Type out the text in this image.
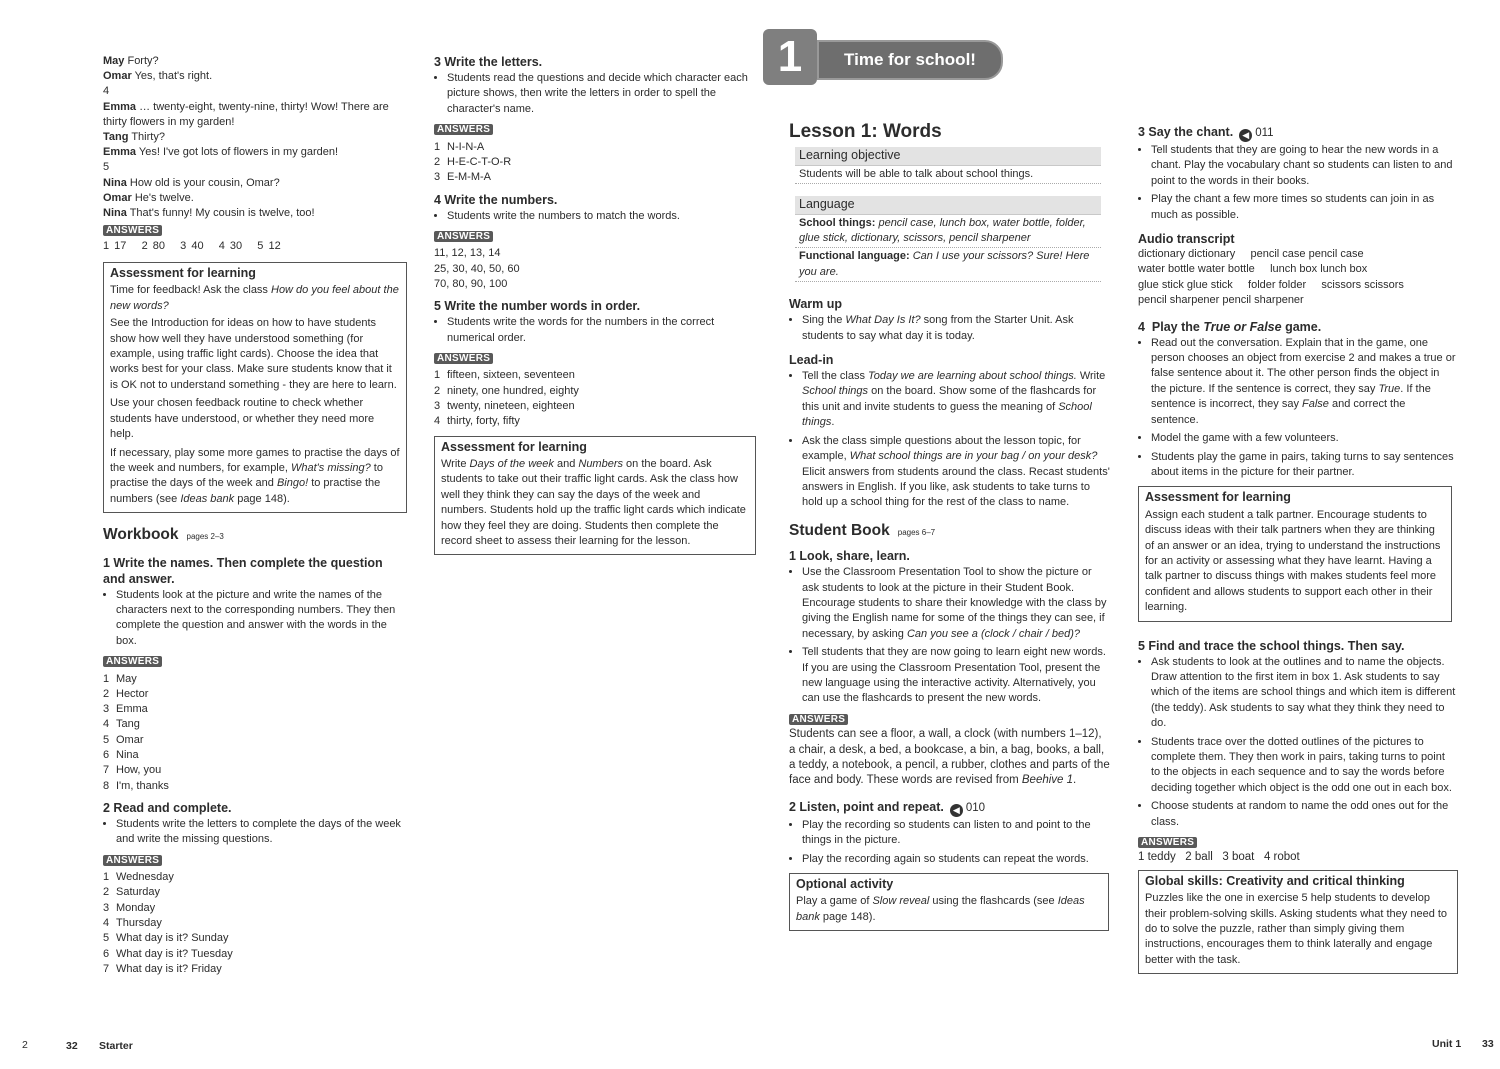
May Forty?

Omar Yes, that's right.

4

Emma … twenty-eight, twenty-nine, thirty! Wow! There are thirty flowers in my garden!

Tang Thirty?

Emma Yes! I've got lots of flowers in my garden!

5

Nina How old is your cousin, Omar?

Omar He's twelve.

Nina That's funny! My cousin is twelve, too!

ANSWERS

1 17   2 80   3 40   4 30   5 12

Assessment for learning

Time for feedback! Ask the class How do you feel about the new words?

See the Introduction for ideas on how to have students show how well they have understood something (for example, using traffic light cards). Choose the idea that works best for your class. Make sure students know that it is OK not to understand something - they are here to learn.

Use your chosen feedback routine to check whether students have understood, or whether they need more help.

If necessary, play some more games to practise the days of the week and numbers, for example, What's missing? to practise the days of the week and Bingo! to practise the numbers (see Ideas bank page 148).

Workbook pages 2–3
1 Write the names. Then complete the question and answer.
• Students look at the picture and write the names of the characters next to the corresponding numbers. They then complete the question and answer with the words in the box.
ANSWERS
1 May
2 Hector
3 Emma
4 Tang
5 Omar
6 Nina
7 How, you
8 I'm, thanks
2 Read and complete.
• Students write the letters to complete the days of the week and write the missing questions.
ANSWERS
1 Wednesday
2 Saturday
3 Monday
4 Thursday
5 What day is it? Sunday
6 What day is it? Tuesday
7 What day is it? Friday
3 Write the letters.
• Students read the questions and decide which character each picture shows, then write the letters in order to spell the character's name.
ANSWERS
1 N-I-N-A
2 H-E-C-T-O-R
3 E-M-M-A
4 Write the numbers.
• Students write the numbers to match the words.
ANSWERS
11, 12, 13, 14
25, 30, 40, 50, 60
70, 80, 90, 100
5 Write the number words in order.
• Students write the words for the numbers in the correct numerical order.
ANSWERS
1 fifteen, sixteen, seventeen
2 ninety, one hundred, eighty
3 twenty, nineteen, eighteen
4 thirty, forty, fifty
Assessment for learning

Write Days of the week and Numbers on the board. Ask students to take out their traffic light cards. Ask the class how well they think they can say the days of the week and numbers. Students hold up the traffic light cards which indicate how they feel they are doing. Students then complete the record sheet to assess their learning for the lesson.

1	Time for school!
Lesson 1: Words
Learning objective

Students will be able to talk about school things.

Language

School things: pencil case, lunch box, water bottle, folder, glue stick, dictionary, scissors, pencil sharpener

Functional language: Can I use your scissors? Sure! Here you are.

Warm up
• Sing the What Day Is It? song from the Starter Unit. Ask students to say what day it is today.
Lead-in
• Tell the class Today we are learning about school things. Write School things on the board. Show some of the flashcards for this unit and invite students to guess the meaning of School things.
• Ask the class simple questions about the lesson topic, for example, What school things are in your bag / on your desk? Elicit answers from students around the class. Recast students' answers in English. If you like, ask students to take turns to hold up a school thing for the rest of the class to name.
Student Book pages 6–7
1 Look, share, learn.
• Use the Classroom Presentation Tool to show the picture or ask students to look at the picture in their Student Book. Encourage students to share their knowledge with the class by giving the English name for some of the things they can see, if necessary, by asking Can you see a (clock / chair / bed)?
• Tell students that they are now going to learn eight new words. If you are using the Classroom Presentation Tool, present the new language using the interactive activity. Alternatively, you can use the flashcards to present the new words.
ANSWERS

Students can see a floor, a wall, a clock (with numbers 1–12), a chair, a desk, a bed, a bookcase, a bin, a bag, books, a ball, a teddy, a notebook, a pencil, a rubber, clothes and parts of the face and body. These words are revised from Beehive 1.

2 Listen, point and repeat. ◀ 010
• Play the recording so students can listen to and point to the things in the picture.
• Play the recording again so students can repeat the words.
Optional activity

Play a game of Slow reveal using the flashcards (see Ideas bank page 148).

3 Say the chant. ◀ 011
• Tell students that they are going to hear the new words in a chant. Play the vocabulary chant so students can listen to and point to the words in their books.
• Play the chant a few more times so students can join in as much as possible.
Audio transcript

dictionary dictionary     pencil case pencil case

water bottle water bottle     lunch box lunch box

glue stick glue stick     folder folder     scissors scissors

pencil sharpener pencil sharpener

4  Play the True or False game.
• Read out the conversation. Explain that in the game, one person chooses an object from exercise 2 and makes a true or false sentence about it. The other person finds the object in the picture. If the sentence is correct, they say True. If the sentence is incorrect, they say False and correct the sentence.
• Model the game with a few volunteers.
• Students play the game in pairs, taking turns to say sentences about items in the picture for their partner.
Assessment for learning

Assign each student a talk partner. Encourage students to discuss ideas with their talk partners when they are thinking of an answer or an idea, trying to understand the instructions for an activity or assessing what they have learnt. Having a talk partner to discuss things with makes students feel more confident and allows students to support each other in their learning.

5 Find and trace the school things. Then say.
• Ask students to look at the outlines and to name the objects. Draw attention to the first item in box 1. Ask students to say which of the items are school things and which item is different (the teddy). Ask students to say what they think they need to do.
• Students trace over the dotted outlines of the pictures to complete them. They then work in pairs, taking turns to point to the objects in each sequence and to say the words before deciding together which object is the odd one out in each box.
• Choose students at random to name the odd ones out for the class.
ANSWERS

1 teddy   2 ball   3 boat   4 robot

Global skills: Creativity and critical thinking

Puzzles like the one in exercise 5 help students to develop their problem-solving skills. Asking students what they need to do to solve the puzzle, rather than simply giving them instructions, encourages them to think laterally and engage better with the task.

2	32 Starter	Unit 1 33
